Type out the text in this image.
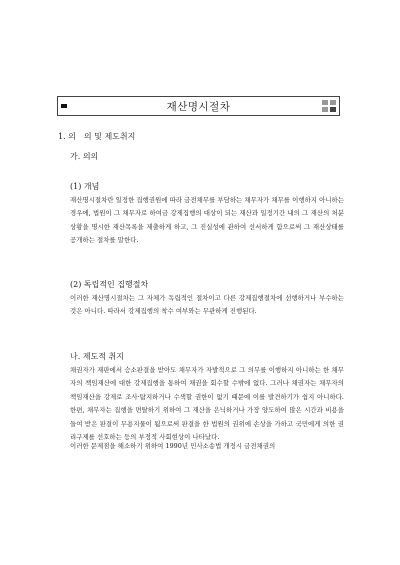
재산명시절차
1. 의　의 및 제도취지
가. 의의
(1) 개념
재산명시절차란 일정한 집행권원에 따라 금전채무를 부담하는 채무자가 채무를 이행하지 아니하는 경우에, 법원이 그 채무자로 하여금 강제집행의 대상이 되는 재산과 일정기간 내의 그 재산의 처분상황을 명시한 재산목록을 제출하게 하고, 그 진실성에 관하여 선서하게 함으로써 그 재산상태를 공개하는 절차를 말한다.
(2) 독립적인 집행절차
이러한 재산명시절차는 그 자체가 독립적인 절차이고 다른 강제집행절차에 선행하거나 부수하는 것은 아니다. 따라서 강제집행의 착수 여부와는 무관하게 진행된다.
나. 제도적 취지
채권자가 재판에서 승소판결을 받아도 채무자가 자발적으로 그 의무를 이행하지 아니하는 한 채무자의 책임재산에 대한 강제집행을 통하여 채권을 회수할 수밖에 없다. 그러나 채권자는 채무자의 책임재산을 강제로 조사·탐지하거나 수색할 권한이 없기 때문에 이를 발견하기가 쉽지 아니하다. 한편, 채무자는 집행을 면탈하기 위하여 그 재산을 은닉하거나 가장 양도하여 많은 시간과 비용을 들여 받은 판결이 무용지물이 됨으로써 판결을 한 법원의 권위에 손상을 가하고 국민에게 의한 권리구제를 선호하는 등의 부정적 사회현상이 나타났다.
이러한 문제점을 해소하기 위하여 1990년 민사소송법 개정시 금전채권의
